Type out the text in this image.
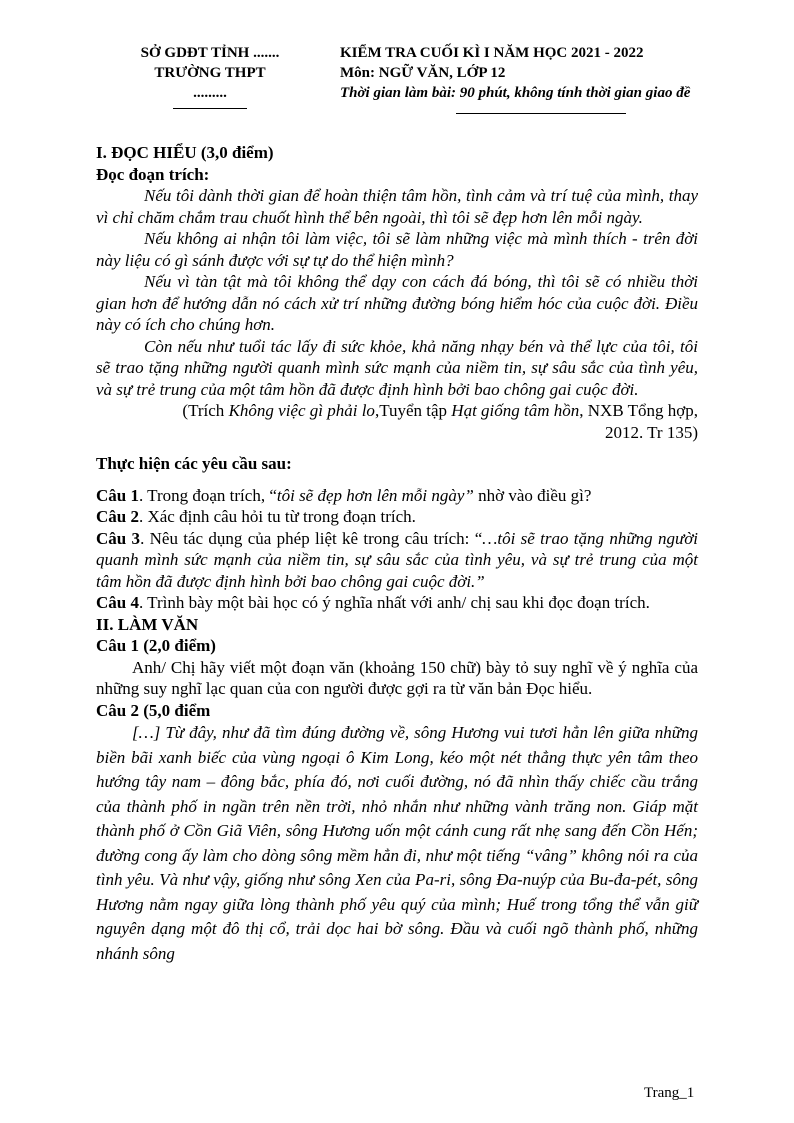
SỞ GDĐT TỈNH .......
TRƯỜNG THPT
.........
KIỂM TRA CUỐI KÌ I NĂM HỌC 2021 - 2022
Môn: NGỮ VĂN, LỚP 12
Thời gian làm bài: 90 phút, không tính thời gian giao đề

I. ĐỌC HIỂU (3,0 điểm)

Đọc đoạn trích:

Nếu tôi dành thời gian để hoàn thiện tâm hồn, tình cảm và trí tuệ của mình, thay vì chỉ chăm chắm trau chuốt hình thể bên ngoài, thì tôi sẽ đẹp hơn lên mỗi ngày.

Nếu không ai nhận tôi làm việc, tôi sẽ làm những việc mà mình thích - trên đời này liệu có gì sánh được với sự tự do thể hiện mình?

Nếu vì tàn tật mà tôi không thể dạy con cách đá bóng, thì tôi sẽ có nhiều thời gian hơn để hướng dẫn nó cách xử trí những đường bóng hiểm hóc của cuộc đời. Điều này có ích cho chúng hơn.

Còn nếu như tuổi tác lấy đi sức khỏe, khả năng nhạy bén và thể lực của tôi, tôi sẽ trao tặng những người quanh mình sức mạnh của niềm tin, sự sâu sắc của tình yêu, và sự trẻ trung của một tâm hồn đã được định hình bởi bao chông gai cuộc đời.

(Trích Không việc gì phải lo,Tuyển tập Hạt giống tâm hồn, NXB Tổng hợp, 2012. Tr 135)

Thực hiện các yêu cầu sau:

Câu 1. Trong đoạn trích, “tôi sẽ đẹp hơn lên mỗi ngày” nhờ vào điều gì?

Câu 2. Xác định câu hỏi tu từ trong đoạn trích.

Câu 3. Nêu tác dụng của phép liệt kê trong câu trích: “…tôi sẽ trao tặng những người quanh mình sức mạnh của niềm tin, sự sâu sắc của tình yêu, và sự trẻ trung của một tâm hồn đã được định hình bởi bao chông gai cuộc đời.”

Câu 4. Trình bày một bài học có ý nghĩa nhất với anh/ chị sau khi đọc đoạn trích.

II. LÀM VĂN

Câu 1 (2,0 điểm)

Anh/ Chị hãy viết một đoạn văn (khoảng 150 chữ) bày tỏ suy nghĩ về ý nghĩa của những suy nghĩ lạc quan của con người được gợi ra từ văn bản Đọc hiểu.

Câu 2 (5,0 điểm

[…] Từ đây, như đã tìm đúng đường về, sông Hương vui tươi hẳn lên giữa những biền bãi xanh biếc của vùng ngoại ô Kim Long, kéo một nét thẳng thực yên tâm theo hướng tây nam – đông bắc, phía đó, nơi cuối đường, nó đã nhìn thấy chiếc cầu trắng của thành phố in ngần trên nền trời, nhỏ nhắn như những vành trăng non. Giáp mặt thành phố ở Cồn Giã Viên, sông Hương uốn một cánh cung rất nhẹ sang đến Cồn Hến; đường cong ấy làm cho dòng sông mềm hẳn đi, như một tiếng “vâng” không nói ra của tình yêu. Và như vậy, giống như sông Xen của Pa-ri, sông Đa-nuýp của Bu-đa-pét, sông Hương nằm ngay giữa lòng thành phố yêu quý của mình; Huế trong tổng thể vẫn giữ nguyên dạng một đô thị cổ, trải dọc hai bờ sông. Đầu và cuối ngõ thành phố, những nhánh sông

Trang_1
